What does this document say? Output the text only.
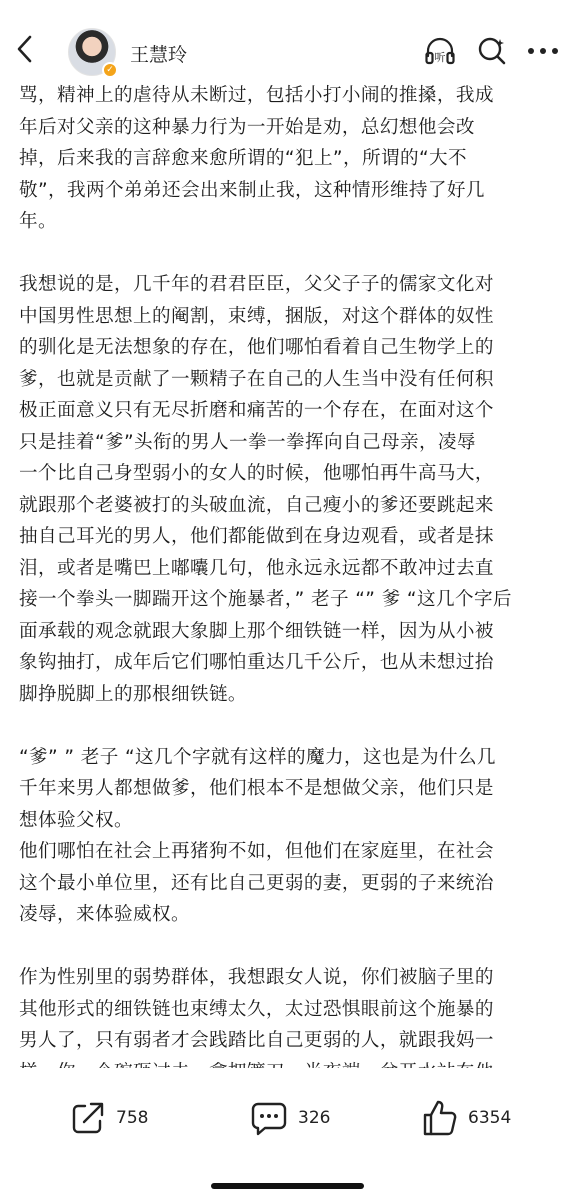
✓
王慧玲	听
骂，精神上的虐待从未断过，包括小打小闹的推搡，我成
年后对父亲的这种暴力行为一开始是劝，总幻想他会改
掉，后来我的言辞愈来愈所谓的“犯上”，所谓的“大不
敬”，我两个弟弟还会出来制止我，这种情形维持了好几
年。
我想说的是，几千年的君君臣臣，父父子子的儒家文化对
中国男性思想上的阉割，束缚，捆版，对这个群体的奴性
的驯化是无法想象的存在，他们哪怕看着自己生物学上的
爹，也就是贡献了一颗精子在自己的人生当中没有任何积
极正面意义只有无尽折磨和痛苦的一个存在，在面对这个
只是挂着“爹”头衔的男人一拳一拳挥向自己母亲，凌辱
一个比自己身型弱小的女人的时候，他哪怕再牛高马大，
就跟那个老婆被打的头破血流，自己瘦小的爹还要跳起来
抽自己耳光的男人，他们都能做到在身边观看，或者是抹
泪，或者是嘴巴上嘟囔几句，他永远永远都不敢冲过去直
接一个拳头一脚踹开这个施暴者，” 老子 “” 爹 “这几个字后
面承载的观念就跟大象脚上那个细铁链一样，因为从小被
象钩抽打，成年后它们哪怕重达几千公斤，也从未想过抬
脚挣脱脚上的那根细铁链。
“爹” ” 老子 “这几个字就有这样的魔力，这也是为什么几
千年来男人都想做爹，他们根本不是想做父亲，他们只是
想体验父权。
他们哪怕在社会上再猪狗不如，但他们在家庭里，在社会
这个最小单位里，还有比自己更弱的妻，更弱的子来统治
凌辱，来体验威权。
作为性别里的弱势群体，我想跟女人说，你们被脑子里的
其他形式的细铁链也束缚太久，太过恐惧眼前这个施暴的
男人了，只有弱者才会践踏比自己更弱的人，就跟我妈一
758	326	6354
